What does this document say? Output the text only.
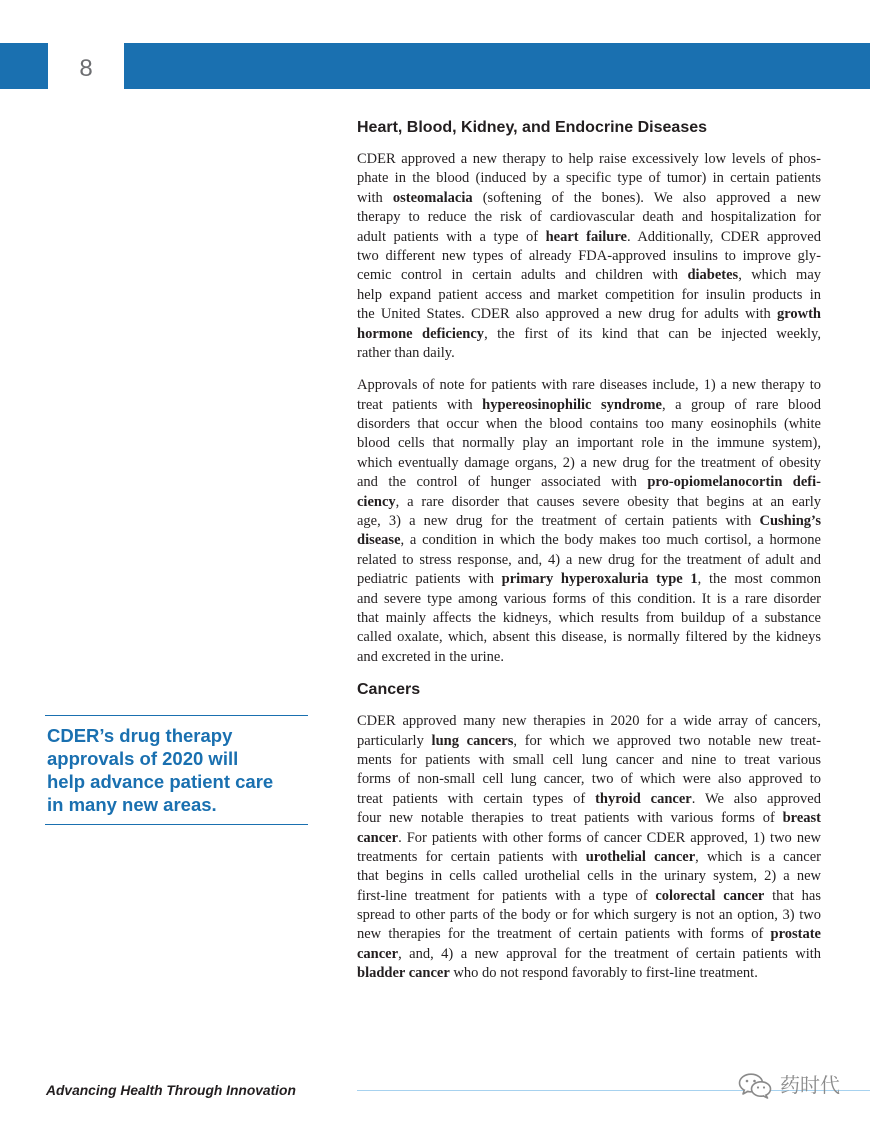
8
Heart, Blood, Kidney, and Endocrine Diseases

CDER approved a new therapy to help raise excessively low levels of phos-
phate in the blood (induced by a specific type of tumor) in certain patients
with osteomalacia (softening of the bones). We also approved a new
therapy to reduce the risk of cardiovascular death and hospitalization for
adult patients with a type of heart failure. Additionally, CDER approved
two different new types of already FDA-approved insulins to improve gly-
cemic control in certain adults and children with diabetes, which may
help expand patient access and market competition for insulin products in
the United States. CDER also approved a new drug for adults with growth
hormone deficiency, the first of its kind that can be injected weekly,
rather than daily.

Approvals of note for patients with rare diseases include, 1) a new therapy to
treat patients with hypereosinophilic syndrome, a group of rare blood
disorders that occur when the blood contains too many eosinophils (white
blood cells that normally play an important role in the immune system),
which eventually damage organs, 2) a new drug for the treatment of obesity
and the control of hunger associated with pro-opiomelanocortin defi-
ciency, a rare disorder that causes severe obesity that begins at an early
age, 3) a new drug for the treatment of certain patients with Cushing’s
disease, a condition in which the body makes too much cortisol, a hormone
related to stress response, and, 4) a new drug for the treatment of adult and
pediatric patients with primary hyperoxaluria type 1, the most common
and severe type among various forms of this condition. It is a rare disorder
that mainly affects the kidneys, which results from buildup of a substance
called oxalate, which, absent this disease, is normally filtered by the kidneys
and excreted in the urine.

Cancers

CDER approved many new therapies in 2020 for a wide array of cancers,
particularly lung cancers, for which we approved two notable new treat-
ments for patients with small cell lung cancer and nine to treat various
forms of non-small cell lung cancer, two of which were also approved to
treat patients with certain types of thyroid cancer. We also approved
four new notable therapies to treat patients with various forms of breast
cancer. For patients with other forms of cancer CDER approved, 1) two new
treatments for certain patients with urothelial cancer, which is a cancer
that begins in cells called urothelial cells in the urinary system, 2) a new
first-line treatment for patients with a type of colorectal cancer that has
spread to other parts of the body or for which surgery is not an option, 3) two
new therapies for the treatment of certain patients with forms of prostate
cancer, and, 4) a new approval for the treatment of certain patients with
bladder cancer who do not respond favorably to first-line treatment.

CDER’s drug therapy
approvals of 2020 will
help advance patient care
in many new areas.
Advancing Health Through Innovation	药时代
